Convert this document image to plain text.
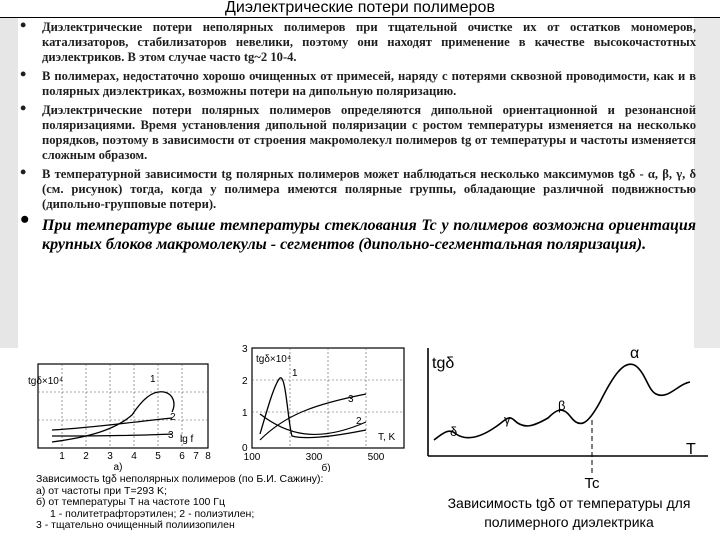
Диэлектрические потери полимеров
• Диэлектрические потери неполярных полимеров при тщательной очистке их от остатков мономеров, катализаторов, стабилизаторов невелики, поэтому они находят применение в качестве высокочастотных диэлектриков. В этом случае часто tg~2 10-4.
• В полимерах, недостаточно хорошо очищенных от примесей, наряду с потерями сквозной проводимости, как и в полярных диэлектриках, возможны потери на дипольную поляризацию.
• Диэлектрические потери полярных полимеров определяются дипольной ориентационной и резонансной поляризациями. Время установления дипольной поляризации с ростом температуры изменяется на несколько порядков, поэтому в зависимости от строения макромолекул полимеров tg от температуры и частоты изменяется сложным образом.
• В температурной зависимости tg полярных полимеров может наблюдаться несколько максимумов tgδ - α, β, γ, δ (см. рисунок) тогда, когда у полимера имеются полярные группы, обладающие различной подвижностью (дипольно-групповые потери).
• При температуре выше температуры стеклования Tc у полимеров возможна ориентация крупных блоков макромолекулы - сегментов (дипольно-сегментальная поляризация).
tgδ×10⁴
2
3
1
lg f
1 2 3 4 5 6 7 8
а)
tgδ×10⁴
1
2
3
0
1
2
3
100	300	500
T, K
б)
tgδ
δ
γ
β
α
T
Tc
Зависимость tgδ неполярных полимеров (по Б.И. Сажину):
а) от частоты при T=293 K;
б) от температуры T на частоте 100 Гц
1 - политетрафторэтилен; 2 - полиэтилен;
3 - тщательно очищенный полиизопилен
Зависимость tgδ от температуры для полимерного диэлектрика
